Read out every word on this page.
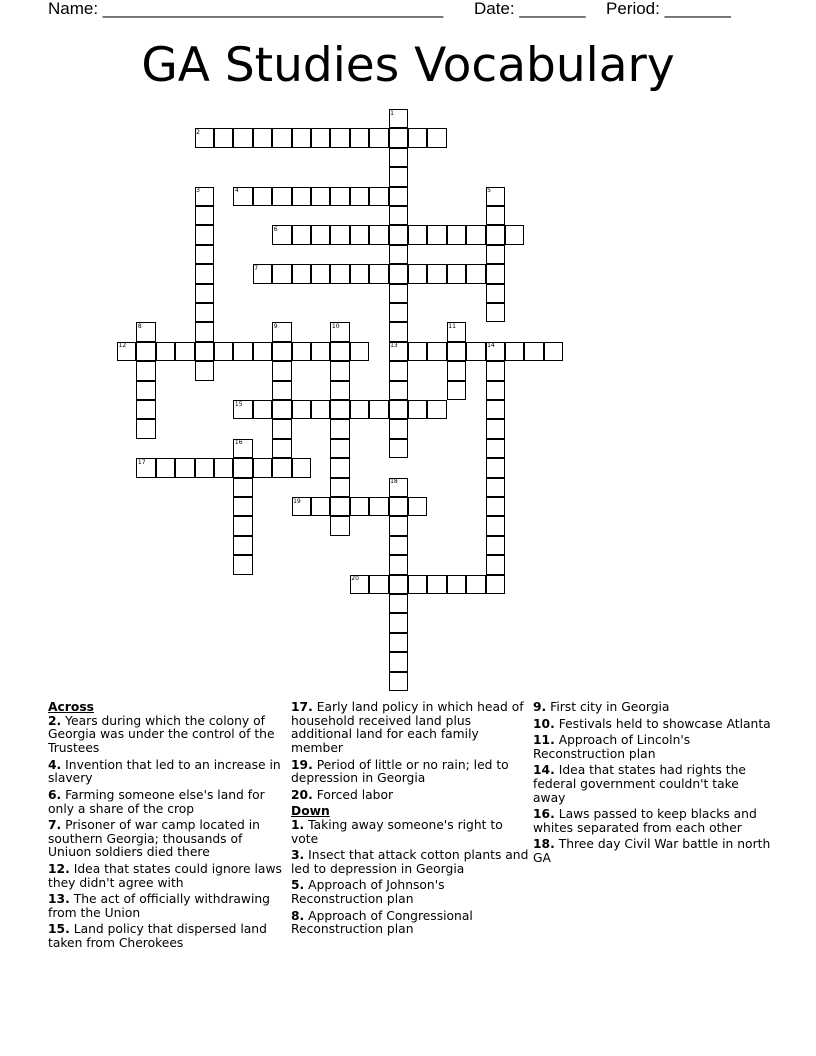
Name: ____________________________________

Date: _______

Period: _______

GA Studies Vocabulary
1
2
3	4	5
6
7
8	9	10	11
12	13	14
15
16
17
18
19
20
Across
2. Years during which the colony of Georgia was under the control of the Trustees
4. Invention that led to an increase in slavery
6. Farming someone else's land for only a share of the crop
7. Prisoner of war camp located in southern Georgia; thousands of Uniuon soldiers died there
12. Idea that states could ignore laws they didn't agree with
13. The act of officially withdrawing from the Union
15. Land policy that dispersed land taken from Cherokees
17. Early land policy in which head of household received land plus additional land for each family member
19. Period of little or no rain; led to depression in Georgia
20. Forced labor
Down
1. Taking away someone's right to vote
3. Insect that attack cotton plants and led to depression in Georgia
5. Approach of Johnson's Reconstruction plan
8. Approach of Congressional Reconstruction plan
9. First city in Georgia
10. Festivals held to showcase Atlanta
11. Approach of Lincoln's Reconstruction plan
14. Idea that states had rights the federal government couldn't take away
16. Laws passed to keep blacks and whites separated from each other
18. Three day Civil War battle in north GA
